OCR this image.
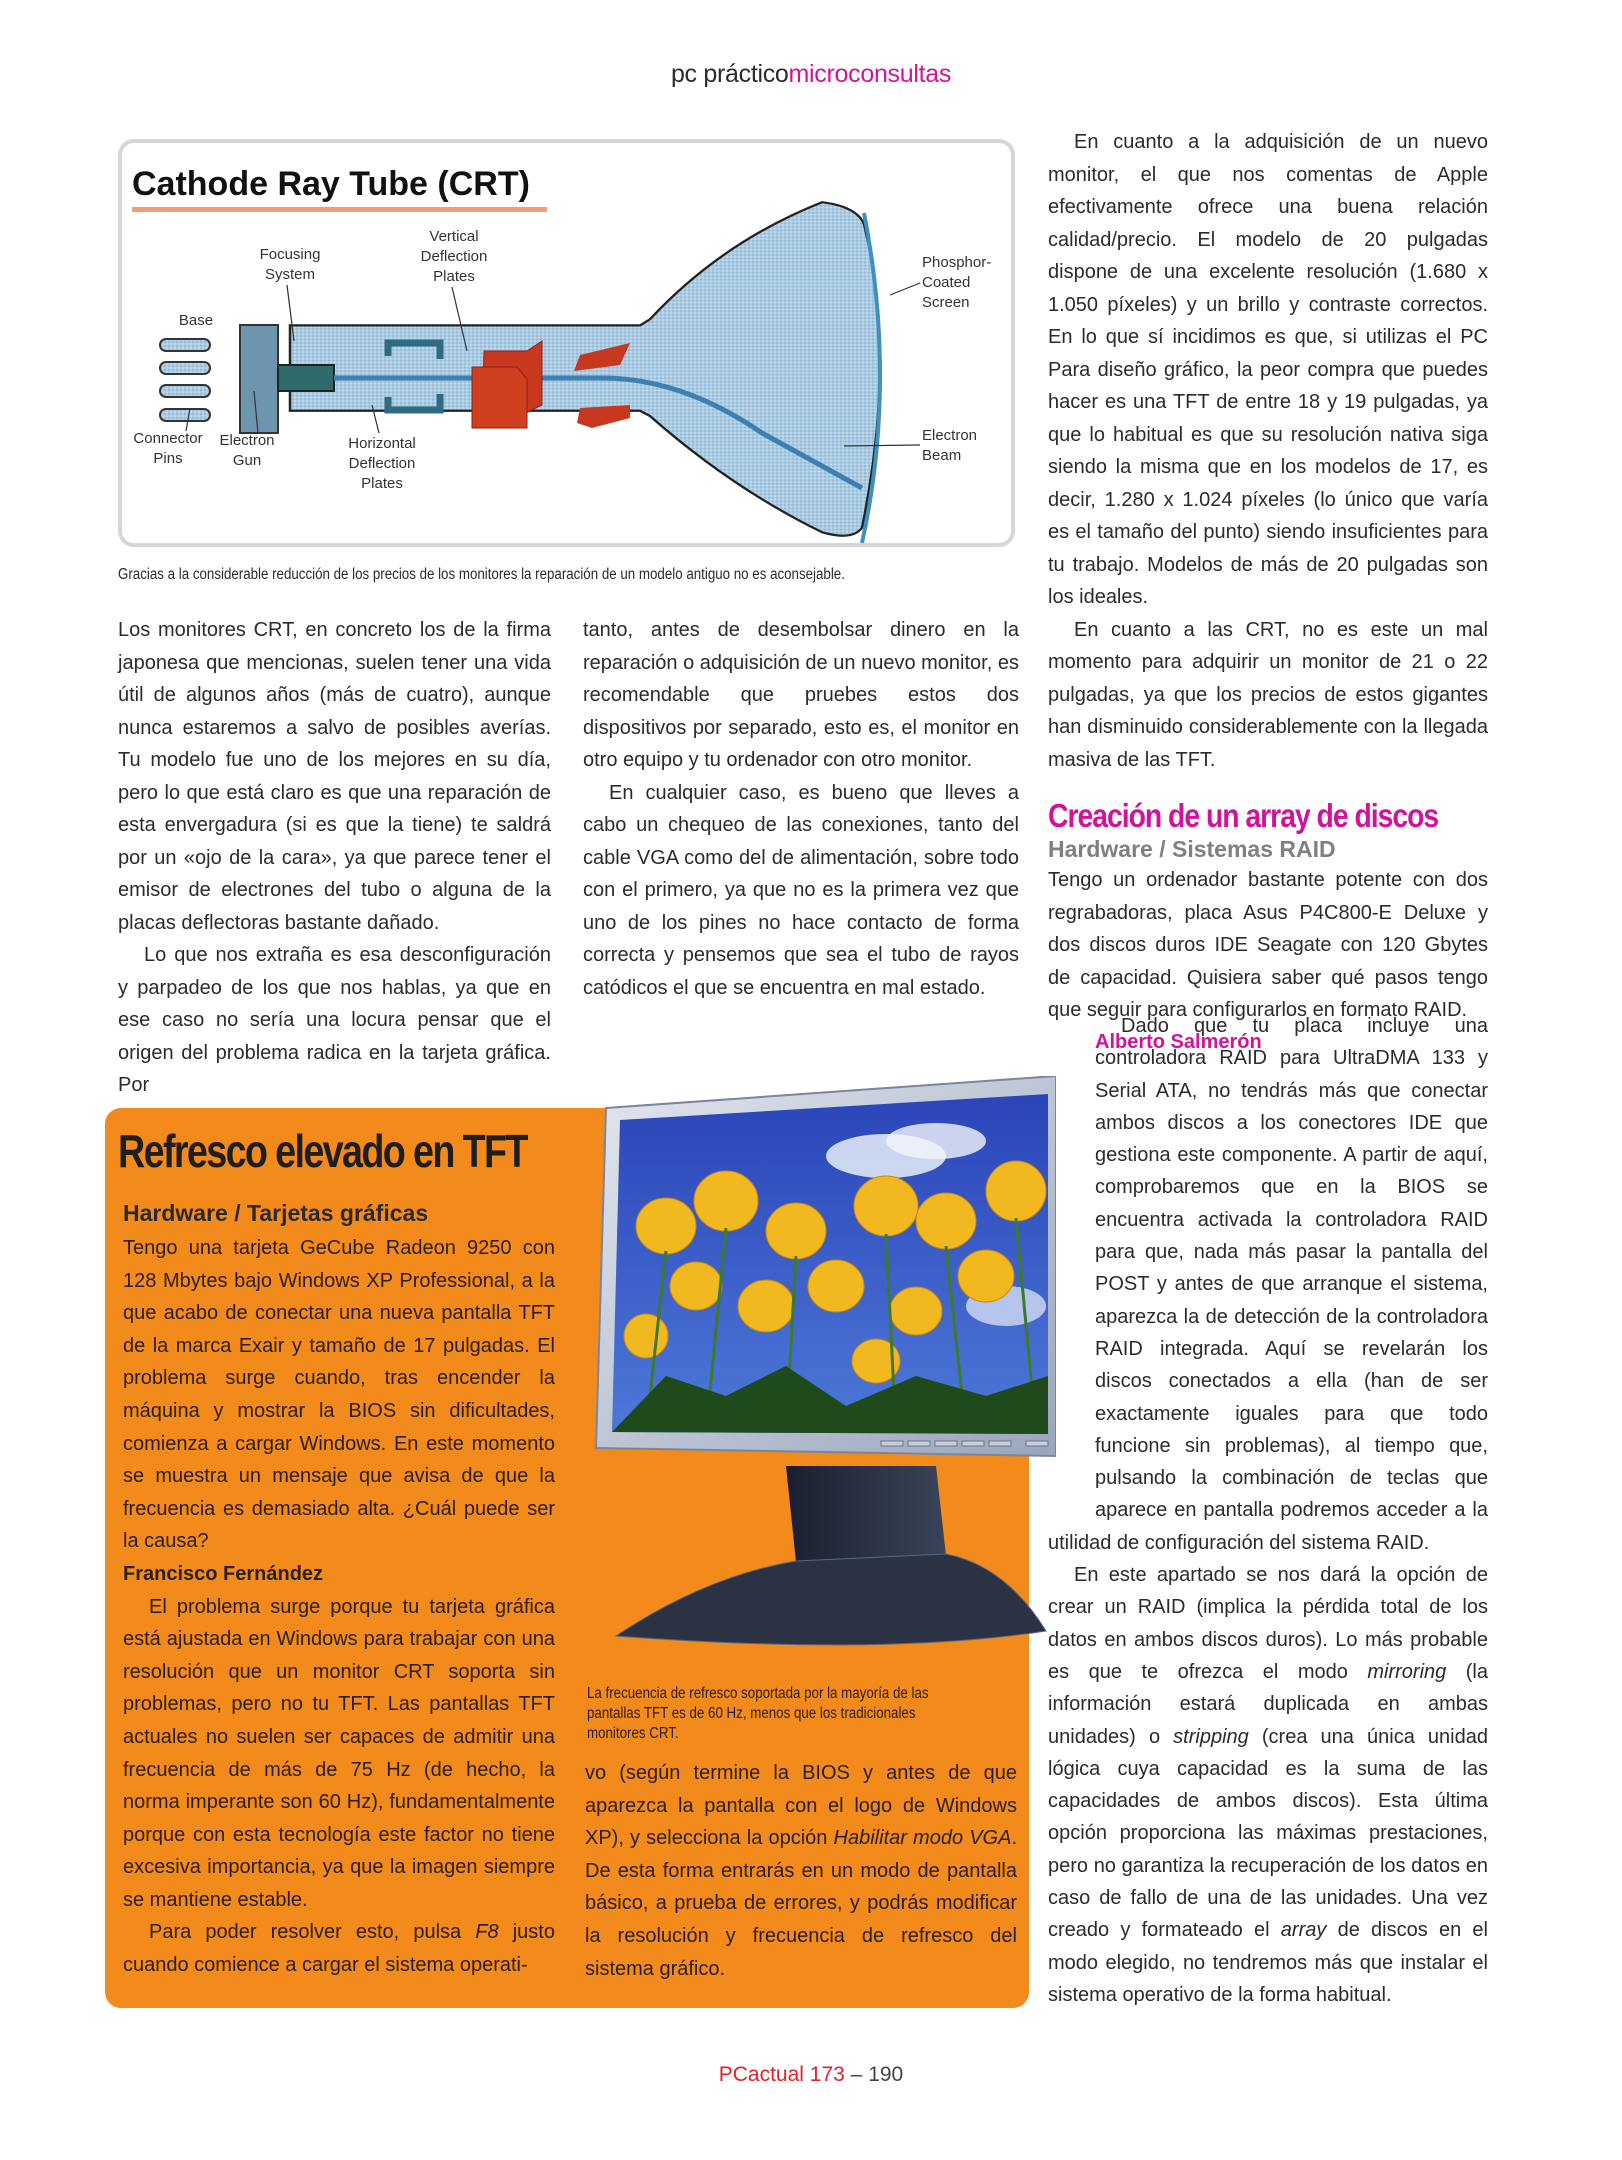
pc prácticomicroconsultas
Cathode Ray Tube (CRT)
Base
Focusing
System
Vertical
Deflection
Plates
Connector
Pins
Electron
Gun
Horizontal
Deflection
Plates
Phosphor-
Coated
Screen
Electron
Beam
Gracias a la considerable reducción de los precios de los monitores la reparación de un modelo antiguo no es aconsejable.

Los monitores CRT, en concreto los de la firma japonesa que mencionas, suelen tener una vida útil de algunos años (más de cuatro), aunque nunca estaremos a salvo de posibles averías. Tu modelo fue uno de los mejores en su día, pero lo que está claro es que una reparación de esta envergadura (si es que la tiene) te saldrá por un «ojo de la cara», ya que parece tener el emisor de electrones del tubo o alguna de la placas deflectoras bastante dañado.

Lo que nos extraña es esa desconfiguración y parpadeo de los que nos hablas, ya que en ese caso no sería una locura pensar que el origen del problema radica en la tarjeta gráfica. Por

tanto, antes de desembolsar dinero en la reparación o adquisición de un nuevo monitor, es recomendable que pruebes estos dos dispositivos por separado, esto es, el monitor en otro equipo y tu ordenador con otro monitor.

En cualquier caso, es bueno que lleves a cabo un chequeo de las conexiones, tanto del cable VGA como del de alimentación, sobre todo con el primero, ya que no es la primera vez que uno de los pines no hace contacto de forma correcta y pensemos que sea el tubo de rayos catódicos el que se encuentra en mal estado.

En cuanto a la adquisición de un nuevo monitor, el que nos comentas de Apple efectivamente ofrece una buena relación calidad/precio. El modelo de 20 pulgadas dispone de una excelente resolución (1.680 x 1.050 píxeles) y un brillo y contraste correctos. En lo que sí incidimos es que, si utilizas el PC Para diseño gráfico, la peor compra que puedes hacer es una TFT de entre 18 y 19 pulgadas, ya que lo habitual es que su resolución nativa siga siendo la misma que en los modelos de 17, es decir, 1.280 x 1.024 píxeles (lo único que varía es el tamaño del punto) siendo insuficientes para tu trabajo. Modelos de más de 20 pulgadas son los ideales.

En cuanto a las CRT, no es este un mal momento para adquirir un monitor de 21 o 22 pulgadas, ya que los precios de estos gigantes han disminuido considerablemente con la llegada masiva de las TFT.

Creación de un array de discos
Hardware / Sistemas RAID

Tengo un ordenador bastante potente con dos regrabadoras, placa Asus P4C800-E Deluxe y dos discos duros IDE Seagate con 120 Gbytes de capacidad. Quisiera saber qué pasos tengo que seguir para configurarlos en formato RAID.

Alberto Salmerón
Refresco elevado en TFT
Hardware / Tarjetas gráficas

Tengo una tarjeta GeCube Radeon 9250 con 128 Mbytes bajo Windows XP Professional, a la que acabo de conectar una nueva pantalla TFT de la marca Exair y tamaño de 17 pulgadas. El problema surge cuando, tras encender la máquina y mostrar la BIOS sin dificultades, comienza a cargar Windows. En este momento se muestra un mensaje que avisa de que la frecuencia es demasiado alta. ¿Cuál puede ser la causa?

Francisco Fernández

El problema surge porque tu tarjeta gráfica está ajustada en Windows para trabajar con una resolución que un monitor CRT soporta sin problemas, pero no tu TFT. Las pantallas TFT actuales no suelen ser capaces de admitir una frecuencia de más de 75 Hz (de hecho, la norma imperante son 60 Hz), fundamentalmente porque con esta tecnología este factor no tiene excesiva importancia, ya que la imagen siempre se mantiene estable.

Para poder resolver esto, pulsa F8 justo cuando comience a cargar el sistema operati-

vo (según termine la BIOS y antes de que aparezca la pantalla con el logo de Windows XP), y selecciona la opción Habilitar modo VGA. De esta forma entrarás en un modo de pantalla básico, a prueba de errores, y podrás modificar la resolución y frecuencia de refresco del sistema gráfico.

La frecuencia de refresco soportada por la mayoría de las pantallas TFT es de 60 Hz, menos que los tradicionales monitores CRT.

Dado que tu placa incluye una controladora RAID para UltraDMA 133 y Serial ATA, no tendrás más que conectar ambos discos a los conectores IDE que gestiona este componente. A partir de aquí, comprobaremos que en la BIOS se encuentra activada la controladora RAID para que, nada más pasar la pantalla del POST y antes de que arranque el sistema, aparezca la de detección de la controladora RAID integrada. Aquí se revelarán los discos conectados a ella (han de ser exactamente iguales para que todo funcione sin problemas), al tiempo que, pulsando la combinación de teclas que aparece en pantalla podremos acceder a la utilidad de configuración del sistema RAID.

En este apartado se nos dará la opción de crear un RAID (implica la pérdida total de los datos en ambos discos duros). Lo más probable es que te ofrezca el modo mirroring (la información estará duplicada en ambas unidades) o stripping (crea una única unidad lógica cuya capacidad es la suma de las capacidades de ambos discos). Esta última opción proporciona las máximas prestaciones, pero no garantiza la recuperación de los datos en caso de fallo de una de las unidades. Una vez creado y formateado el array de discos en el modo elegido, no tendremos más que instalar el sistema operativo de la forma habitual.

PCactual 173 – 190
